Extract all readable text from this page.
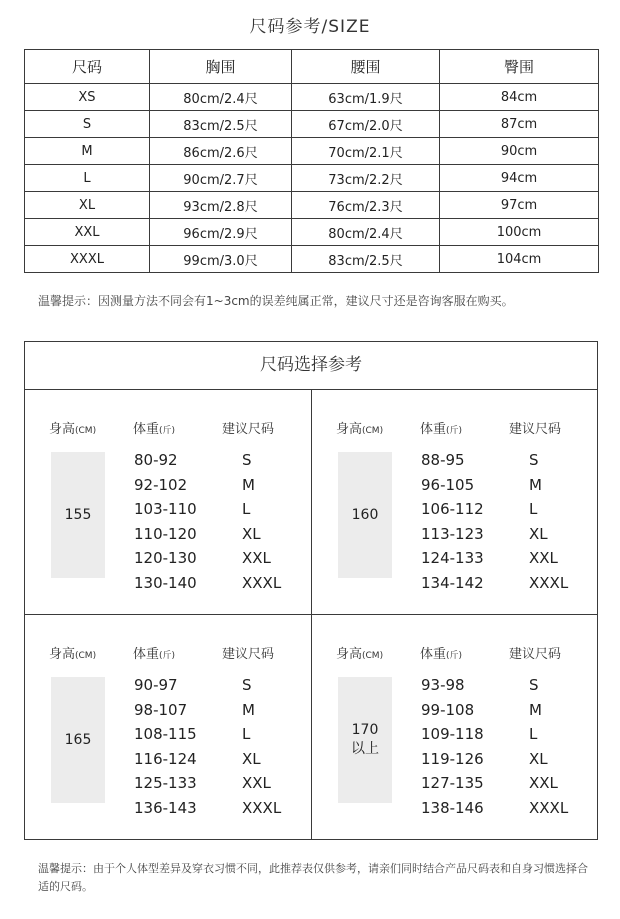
尺码参考/SIZE
尺码	胸围	腰围	臀围
XS	80cm/2.4尺	63cm/1.9尺	84cm
S	83cm/2.5尺	67cm/2.0尺	87cm
M	86cm/2.6尺	70cm/2.1尺	90cm
L	90cm/2.7尺	73cm/2.2尺	94cm
XL	93cm/2.8尺	76cm/2.3尺	97cm
XXL	96cm/2.9尺	80cm/2.4尺	100cm
XXXL	99cm/3.0尺	83cm/2.5尺	104cm
温馨提示：因测量方法不同会有1~3cm的误差纯属正常，建议尺寸还是咨询客服在购买。
尺码选择参考
身高(CM)	体重(斤)	建议尺码
155
80-92	S
92-102	M
103-110	L
110-120	XL
120-130	XXL
130-140	XXXL
身高(CM)	体重(斤)	建议尺码
160
88-95	S
96-105	M
106-112	L
113-123	XL
124-133	XXL
134-142	XXXL
身高(CM)	体重(斤)	建议尺码
165
90-97	S
98-107	M
108-115	L
116-124	XL
125-133	XXL
136-143	XXXL
身高(CM)	体重(斤)	建议尺码
170
以上
93-98	S
99-108	M
109-118	L
119-126	XL
127-135	XXL
138-146	XXXL
温馨提示：由于个人体型差异及穿衣习惯不同，此推荐表仅供参考，请亲们同时结合产品尺码表和自身习惯选择合适的尺码。
